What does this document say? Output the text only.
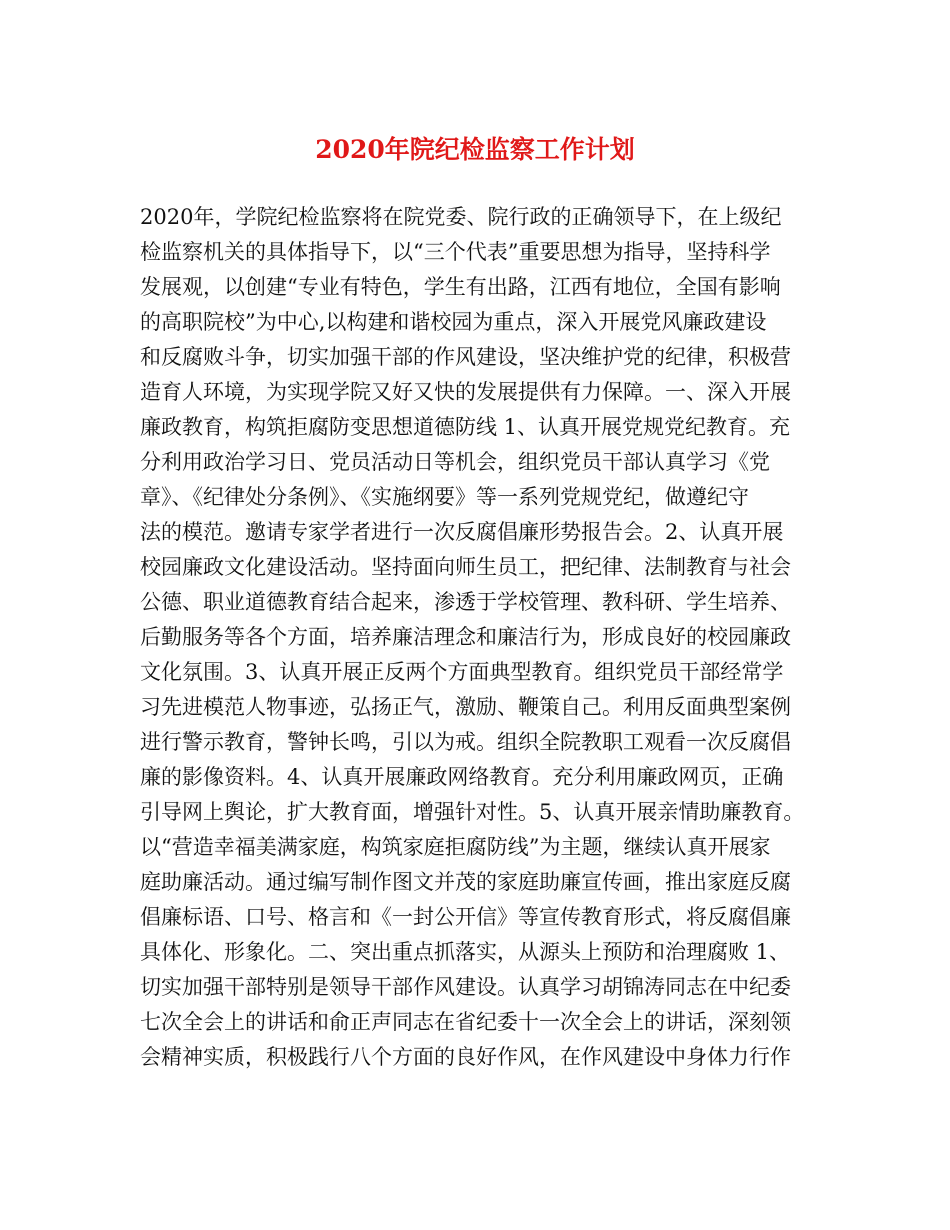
2020年院纪检监察工作计划
2020年，学院纪检监察将在院党委、院行政的正确领导下，在上级纪
检监察机关的具体指导下，以“三个代表”重要思想为指导，坚持科学
发展观，以创建“专业有特色，学生有出路，江西有地位，全国有影响
的高职院校”为中心,以构建和谐校园为重点，深入开展党风廉政建设
和反腐败斗争，切实加强干部的作风建设，坚决维护党的纪律，积极营
造育人环境，为实现学院又好又快的发展提供有力保障。一、深入开展
廉政教育，构筑拒腐防变思想道德防线 1、认真开展党规党纪教育。充
分利用政治学习日、党员活动日等机会，组织党员干部认真学习《党
章》、《纪律处分条例》、《实施纲要》等一系列党规党纪，做遵纪守
法的模范。邀请专家学者进行一次反腐倡廉形势报告会。2、认真开展
校园廉政文化建设活动。坚持面向师生员工，把纪律、法制教育与社会
公德、职业道德教育结合起来，渗透于学校管理、教科研、学生培养、
后勤服务等各个方面，培养廉洁理念和廉洁行为，形成良好的校园廉政
文化氛围。3、认真开展正反两个方面典型教育。组织党员干部经常学
习先进模范人物事迹，弘扬正气，激励、鞭策自己。利用反面典型案例
进行警示教育，警钟长鸣，引以为戒。组织全院教职工观看一次反腐倡
廉的影像资料。4、认真开展廉政网络教育。充分利用廉政网页，正确
引导网上舆论，扩大教育面，增强针对性。5、认真开展亲情助廉教育。
以“营造幸福美满家庭，构筑家庭拒腐防线”为主题，继续认真开展家
庭助廉活动。通过编写制作图文并茂的家庭助廉宣传画，推出家庭反腐
倡廉标语、口号、格言和《一封公开信》等宣传教育形式，将反腐倡廉
具体化、形象化。二、突出重点抓落实，从源头上预防和治理腐败 1、
切实加强干部特别是领导干部作风建设。认真学习胡锦涛同志在中纪委
七次全会上的讲话和俞正声同志在省纪委十一次全会上的讲话，深刻领
会精神实质，积极践行八个方面的良好作风，在作风建设中身体力行作
